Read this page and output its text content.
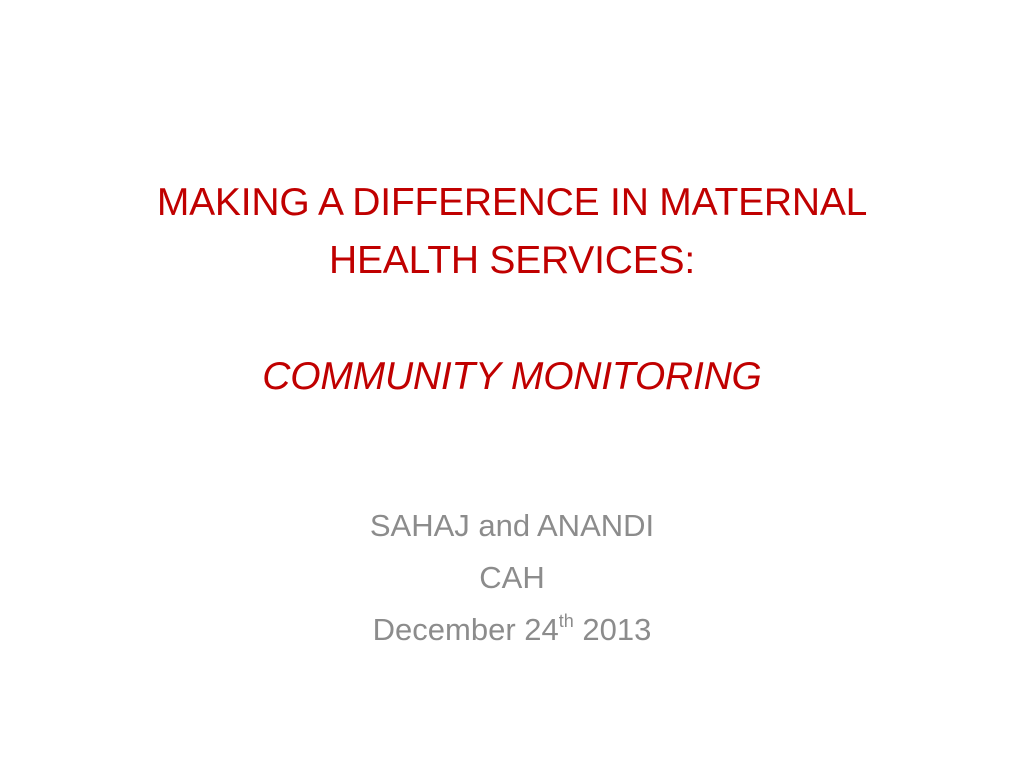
MAKING A DIFFERENCE IN MATERNAL
HEALTH SERVICES:
COMMUNITY MONITORING
SAHAJ and ANANDI
CAH
December 24th 2013
